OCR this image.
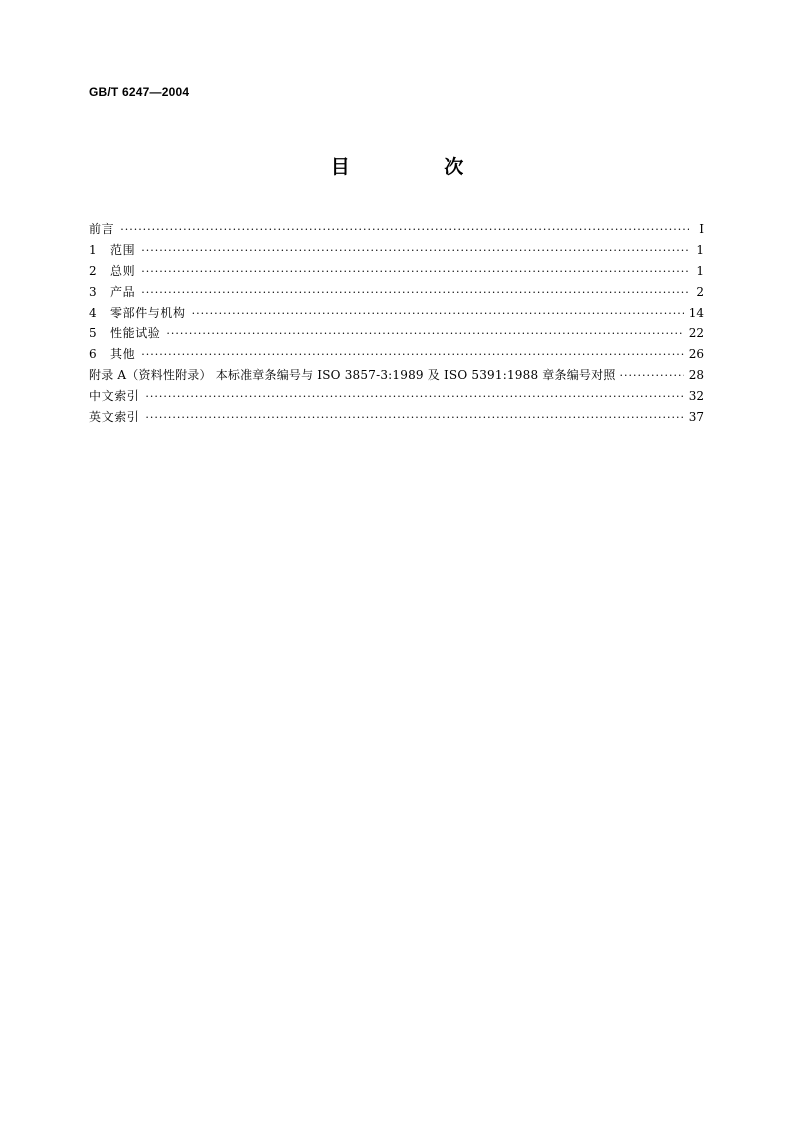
GB/T 6247—2004
目 次
前言 ·····	I
1	范围 ·····	1
2	总则 ·····	1
3	产品 ·····	2
4	零部件与机构 ·····	14
5	性能试验 ·····	22
6	其他 ·····	26
附录 A（资料性附录） 本标准章条编号与 ISO 3857-3:1989 及 ISO 5391:1988 章条编号对照 ·····	28
中文索引 ·····	32
英文索引 ·····	37
